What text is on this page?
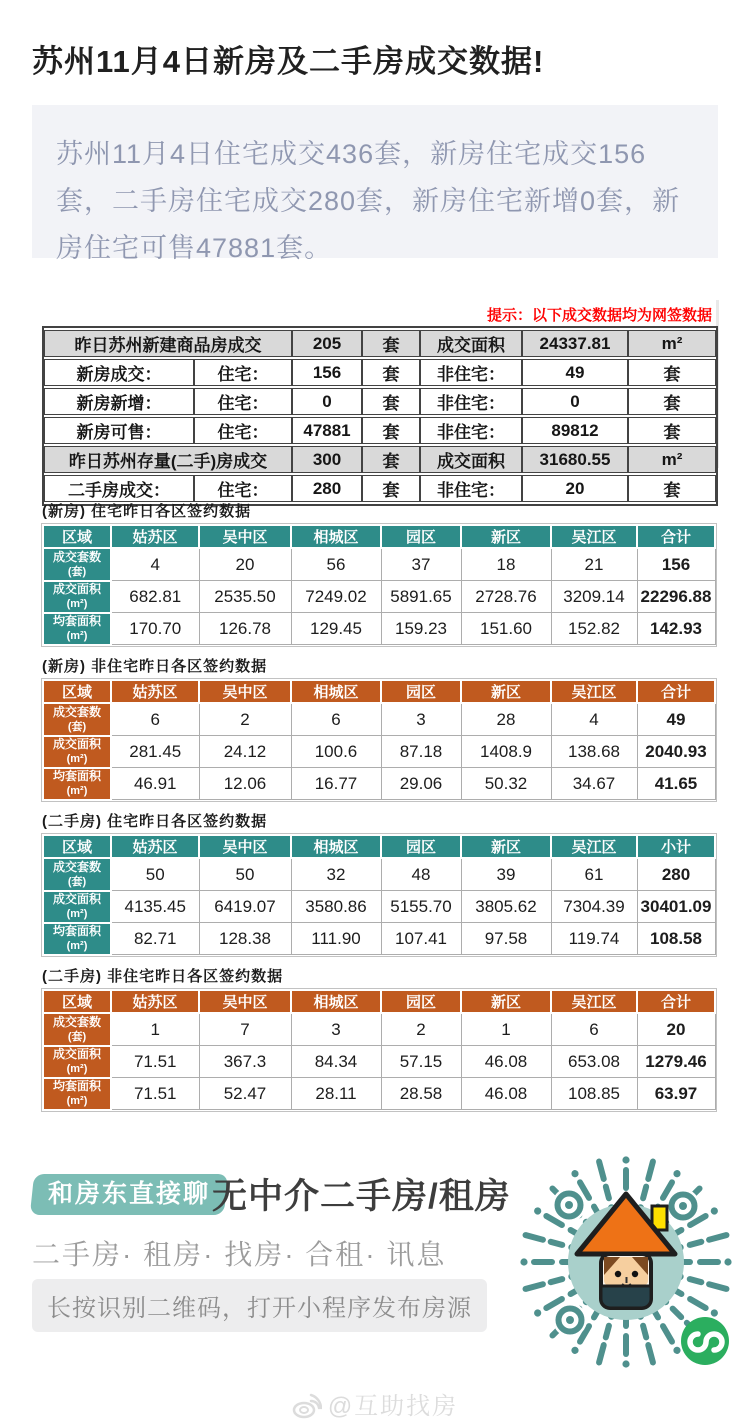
苏州11月4日新房及二手房成交数据!
苏州11月4日住宅成交436套，新房住宅成交156套，二手房住宅成交280套，新房住宅新增0套，新房住宅可售47881套。
提示：以下成交数据均为网签数据
昨日苏州新建商品房成交		205	套	成交面积	24337.81	m²
新房成交：	住宅：	156	套	非住宅：	49	套
新房新增：	住宅：	0	套	非住宅：	0	套
新房可售：	住宅：	47881	套	非住宅：	89812	套
昨日苏州存量(二手)房成交		300	套	成交面积	31680.55	m²
二手房成交：	住宅：	280	套	非住宅：	20	套
(新房) 住宅昨日各区签约数据
区域	姑苏区	吴中区	相城区	园区	新区	吴江区	合计
成交套数
(套)	4	20	56	37	18	21	156
成交面积
(m²)	682.81	2535.50	7249.02	5891.65	2728.76	3209.14	22296.88
均套面积
(m²)	170.70	126.78	129.45	159.23	151.60	152.82	142.93
(新房) 非住宅昨日各区签约数据
区域	姑苏区	吴中区	相城区	园区	新区	吴江区	合计
成交套数
(套)	6	2	6	3	28	4	49
成交面积
(m²)	281.45	24.12	100.6	87.18	1408.9	138.68	2040.93
均套面积
(m²)	46.91	12.06	16.77	29.06	50.32	34.67	41.65
(二手房) 住宅昨日各区签约数据
区域	姑苏区	吴中区	相城区	园区	新区	吴江区	小计
成交套数
(套)	50	50	32	48	39	61	280
成交面积
(m²)	4135.45	6419.07	3580.86	5155.70	3805.62	7304.39	30401.09
均套面积
(m²)	82.71	128.38	111.90	107.41	97.58	119.74	108.58
(二手房) 非住宅昨日各区签约数据
区域	姑苏区	吴中区	相城区	园区	新区	吴江区	合计
成交套数
(套)	1	7	3	2	1	6	20
成交面积
(m²)	71.51	367.3	84.34	57.15	46.08	653.08	1279.46
均套面积
(m²)	71.51	52.47	28.11	28.58	46.08	108.85	63.97
和房东直接聊 无中介二手房/租房
二手房· 租房· 找房· 合租· 讯息
长按识别二维码，打开小程序发布房源
@互助找房
